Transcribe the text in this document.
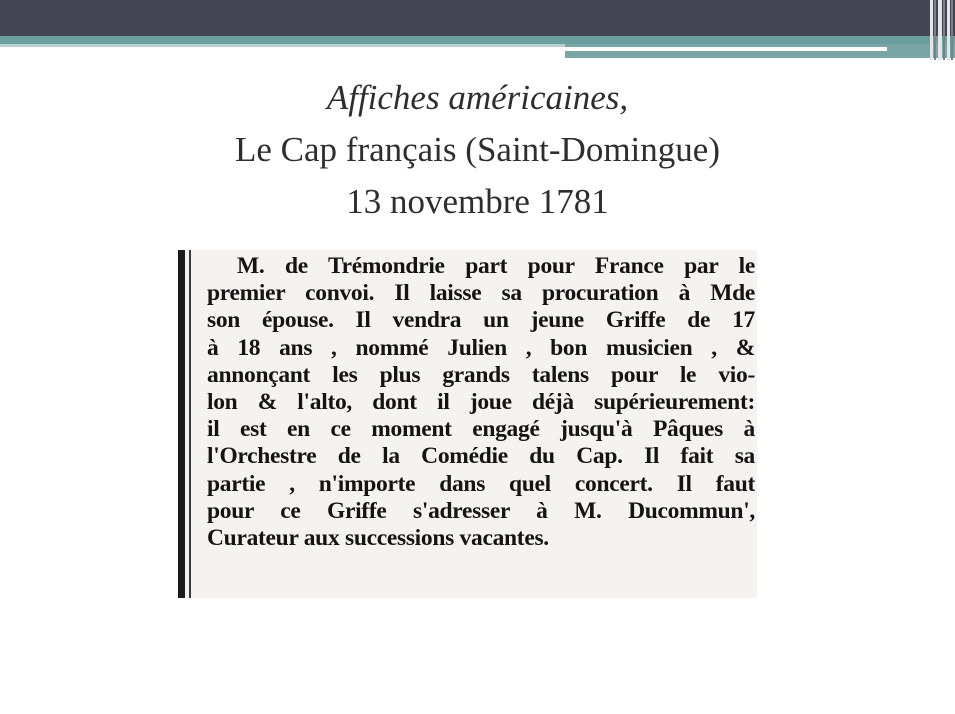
Affiches américaines,
Le Cap français (Saint-Domingue)
13 novembre 1781
M. de Trémondrie part pour France par le
premier convoi. Il laisse sa procuration à Mde
son épouse. Il vendra un jeune Griffe de 17
à 18 ans , nommé Julien , bon musicien , &
annonçant les plus grands talens pour le vio-
lon & l'alto, dont il joue déjà supérieurement:
il est en ce moment engagé jusqu'à Pâques à
l'Orchestre de la Comédie du Cap. Il fait sa
partie , n'importe dans quel concert. Il faut
pour ce Griffe s'adresser à M. Ducommun',
Curateur aux successions vacantes.
